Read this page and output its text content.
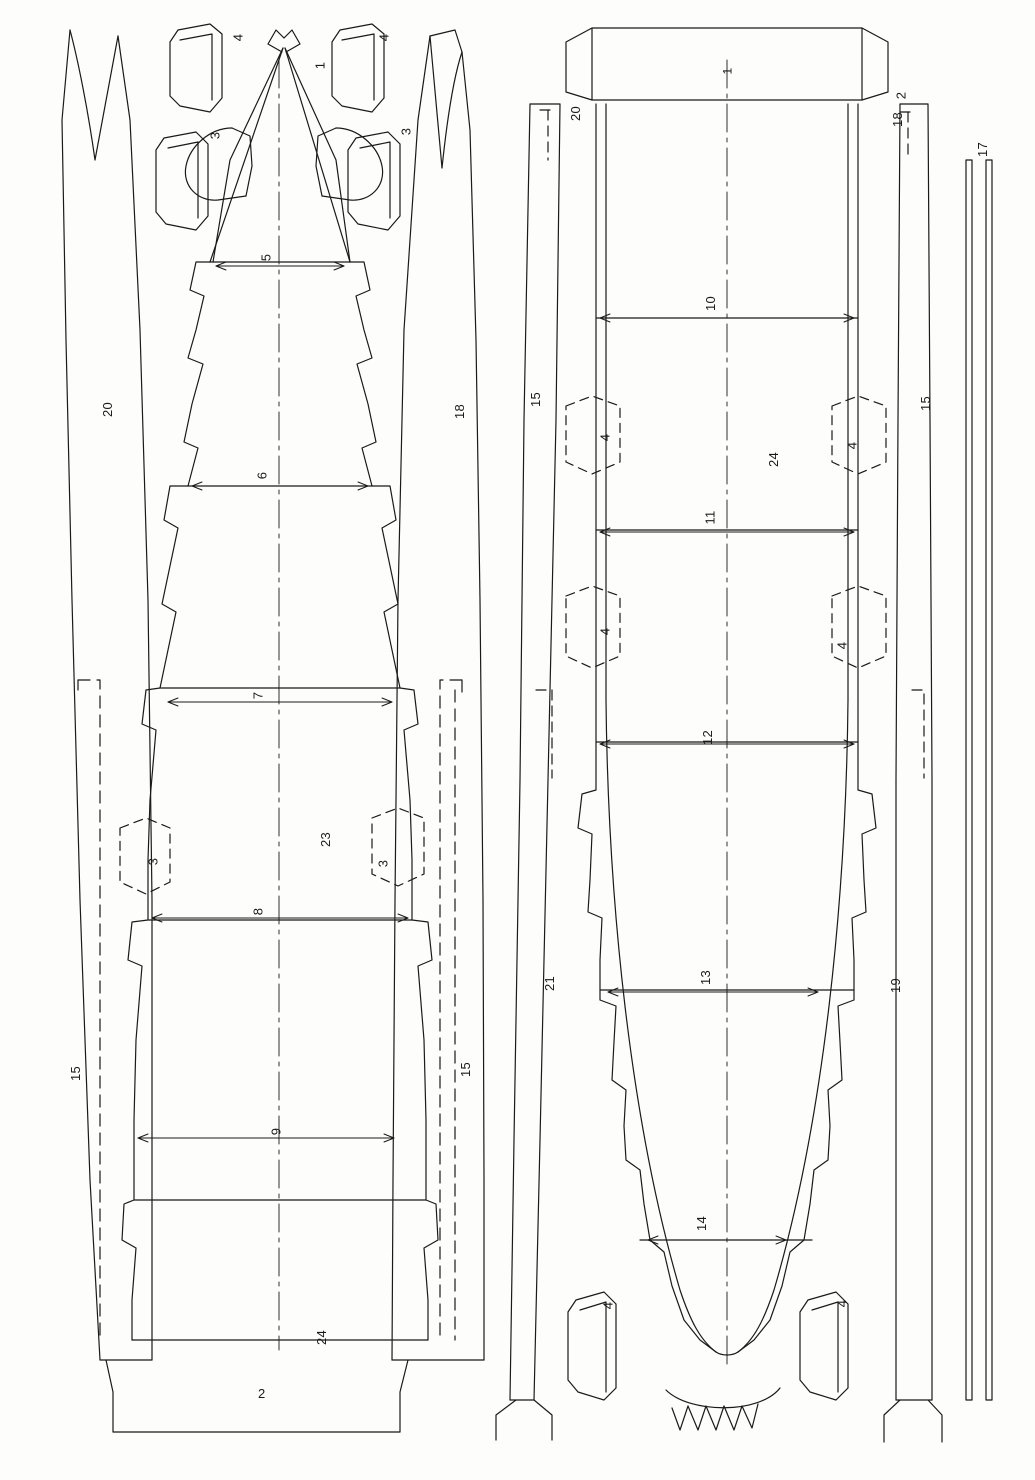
1
2
2
1
4	4
3
3
5
6
7
8
9
20	18
23
3	3
15	15
24
20	18
17
10
11
12
13
14
15	15
21	19
24
4
4
4
4
4	4
